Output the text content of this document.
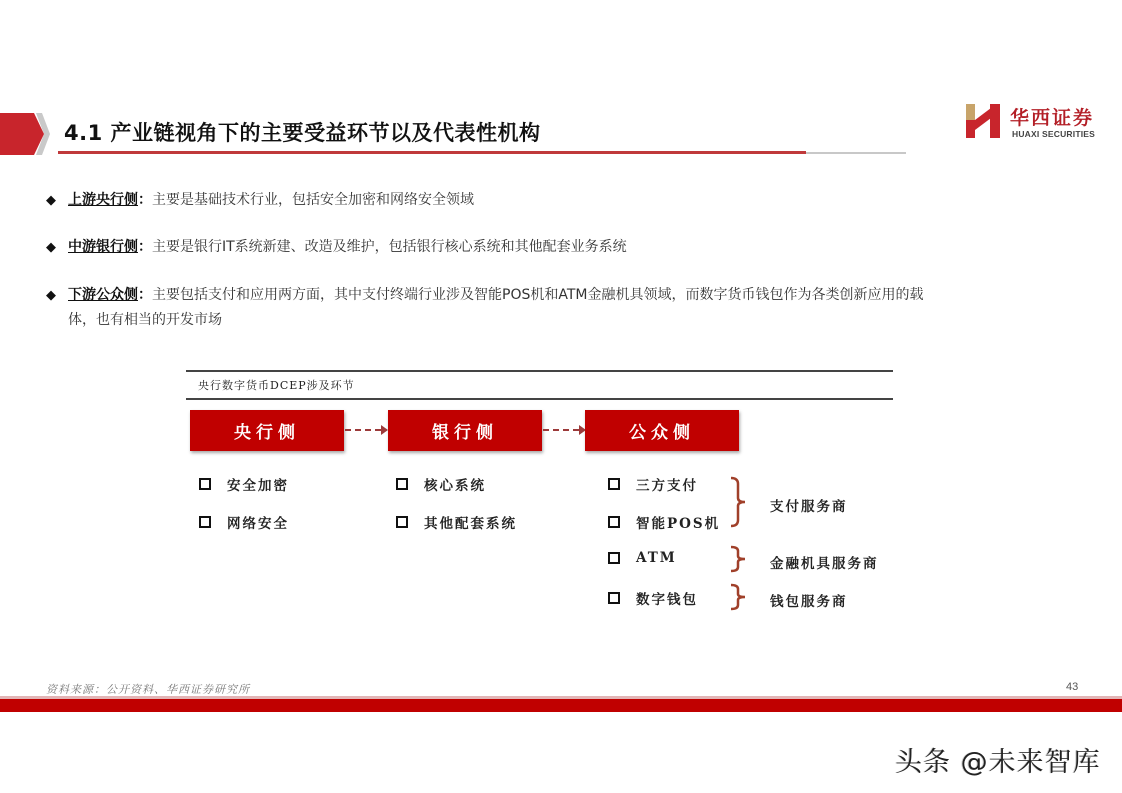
4.1 产业链视角下的主要受益环节以及代表性机构
华西证券
HUAXI SECURITIES
◆ 上游央行侧：主要是基础技术行业，包括安全加密和网络安全领域
◆ 中游银行侧：主要是银行IT系统新建、改造及维护，包括银行核心系统和其他配套业务系统
◆ 下游公众侧：主要包括支付和应用两方面，其中支付终端行业涉及智能POS机和ATM金融机具领域，而数字货币钱包作为各类创新应用的载
体，也有相当的开发市场
央行数字货币DCEP涉及环节
央行侧	银行侧	公众侧
安全加密
网络安全
核心系统
其他配套系统
三方支付
智能POS机
ATM
数字钱包
支付服务商
金融机具服务商
钱包服务商
资料来源：公开资料、华西证券研究所	43
头条 @未来智库
